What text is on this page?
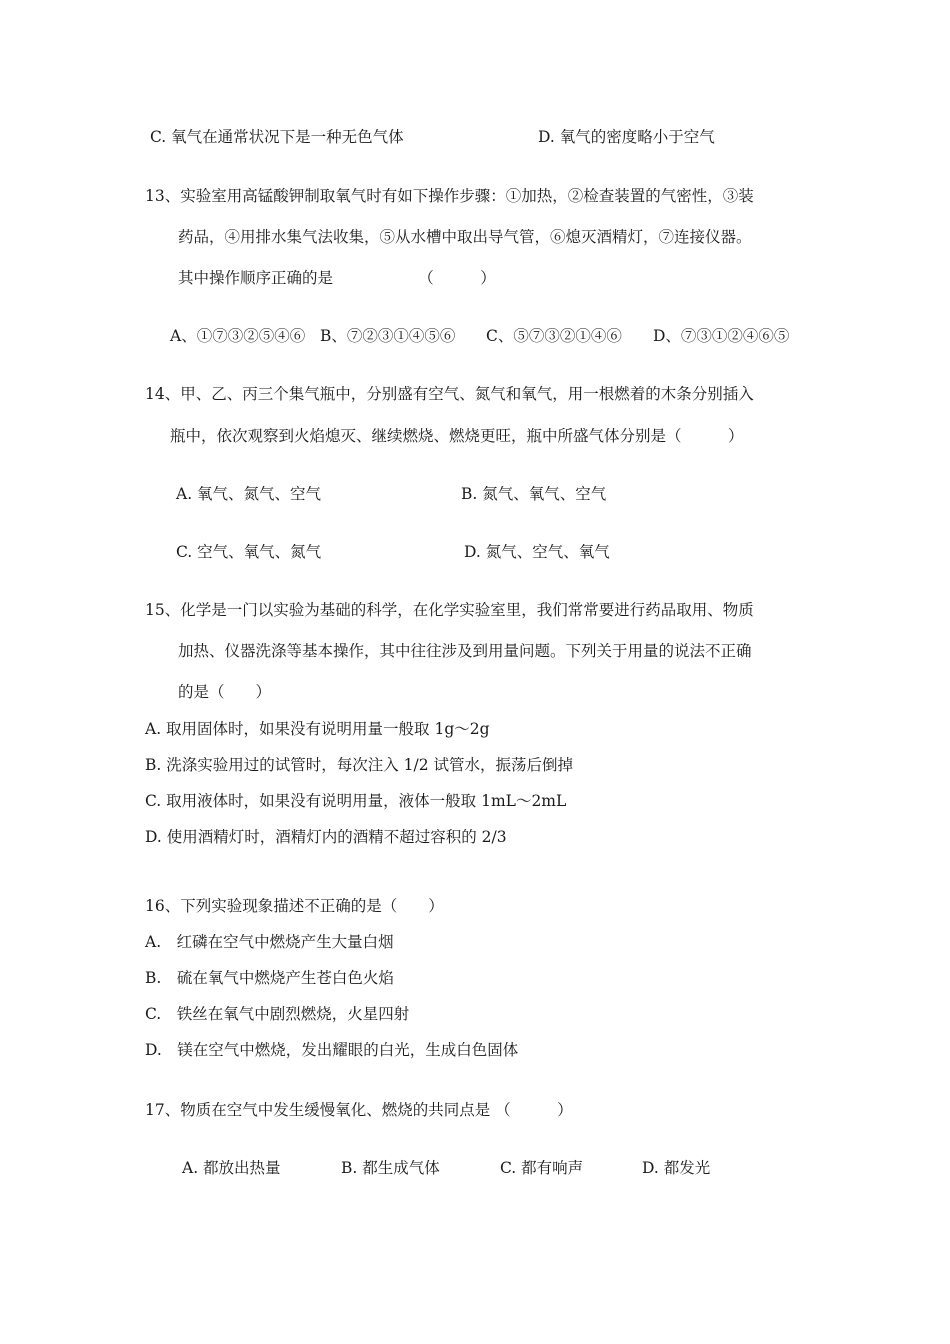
C. 氧气在通常状况下是一种无色气体	D. 氧气的密度略小于空气
13、实验室用高锰酸钾制取氧气时有如下操作步骤：①加热，②检查装置的气密性，③装
药品，④用排水集气法收集，⑤从水槽中取出导气管，⑥熄灭酒精灯，⑦连接仪器。
其中操作顺序正确的是　　　　　　（　　　）
A、①⑦③②⑤④⑥ B、⑦②③①④⑤⑥ C、⑤⑦③②①④⑥ D、⑦③①②④⑥⑤
14、甲、乙、丙三个集气瓶中，分别盛有空气、氮气和氧气，用一根燃着的木条分别插入
瓶中，依次观察到火焰熄灭、继续燃烧、燃烧更旺，瓶中所盛气体分别是（　　　）
A. 氧气、氮气、空气	B. 氮气、氧气、空气
C. 空气、氧气、氮气	D. 氮气、空气、氧气
15、化学是一门以实验为基础的科学，在化学实验室里，我们常常要进行药品取用、物质
加热、仪器洗涤等基本操作，其中往往涉及到用量问题。下列关于用量的说法不正确
的是（　　）
A. 取用固体时，如果没有说明用量一般取 1g～2g
B. 洗涤实验用过的试管时，每次注入 1/2 试管水，振荡后倒掉
C. 取用液体时，如果没有说明用量，液体一般取 1mL～2mL
D. 使用酒精灯时，酒精灯内的酒精不超过容积的 2/3
16、下列实验现象描述不正确的是（　　）
A.　红磷在空气中燃烧产生大量白烟
B.　硫在氧气中燃烧产生苍白色火焰
C.　铁丝在氧气中剧烈燃烧，火星四射
D.　镁在空气中燃烧，发出耀眼的白光，生成白色固体
17、物质在空气中发生缓慢氧化、燃烧的共同点是 （　　　）
A. 都放出热量	B. 都生成气体	C. 都有响声	D. 都发光
